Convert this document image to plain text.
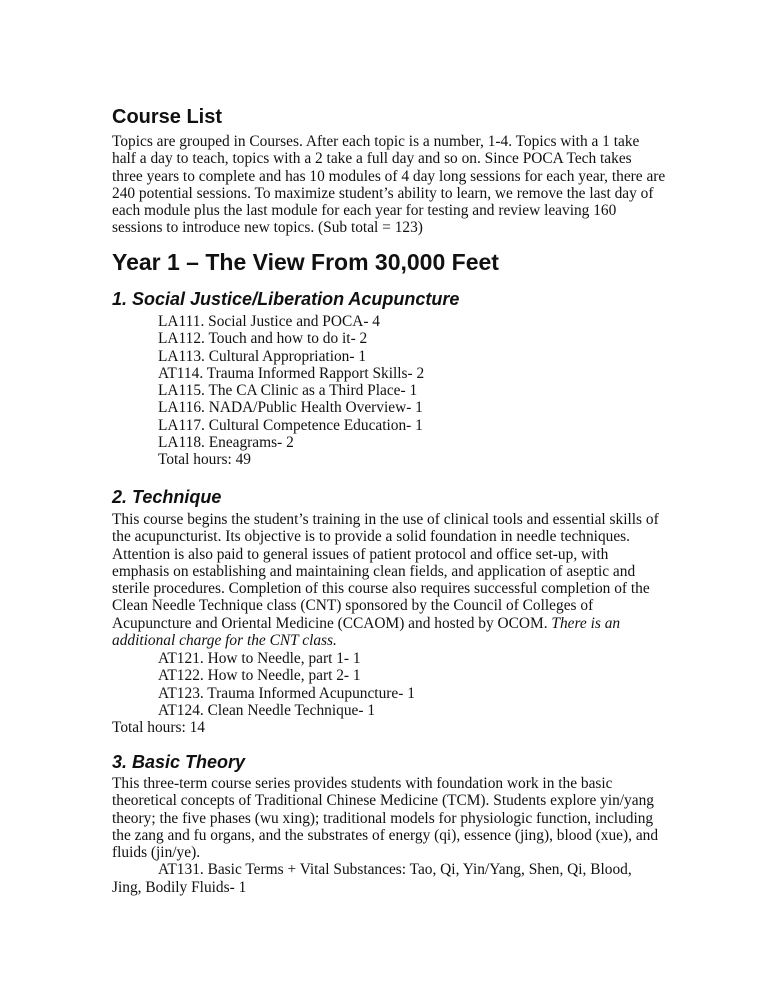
Course List
Topics are grouped in Courses. After each topic is a number, 1-4. Topics with a 1 take
half a day to teach, topics with a 2 take a full day and so on. Since POCA Tech takes
three years to complete and has 10 modules of 4 day long sessions for each year, there are
240 potential sessions. To maximize student’s ability to learn, we remove the last day of
each module plus the last module for each year for testing and review leaving 160
sessions to introduce new topics. (Sub total = 123)
Year 1 – The View From 30,000 Feet
1. Social Justice/Liberation Acupuncture
LA111. Social Justice and POCA- 4
LA112. Touch and how to do it- 2
LA113. Cultural Appropriation- 1
AT114. Trauma Informed Rapport Skills- 2
LA115. The CA Clinic as a Third Place- 1
LA116. NADA/Public Health Overview- 1
LA117. Cultural Competence Education- 1
LA118. Eneagrams- 2
Total hours: 49
2. Technique
This course begins the student’s training in the use of clinical tools and essential skills of
the acupuncturist. Its objective is to provide a solid foundation in needle techniques.
Attention is also paid to general issues of patient protocol and office set-up, with
emphasis on establishing and maintaining clean fields, and application of aseptic and
sterile procedures. Completion of this course also requires successful completion of the
Clean Needle Technique class (CNT) sponsored by the Council of Colleges of
Acupuncture and Oriental Medicine (CCAOM) and hosted by OCOM. There is an
additional charge for the CNT class.
AT121. How to Needle, part 1- 1
AT122. How to Needle, part 2- 1
AT123. Trauma Informed Acupuncture- 1
AT124. Clean Needle Technique- 1
Total hours: 14
3. Basic Theory
This three-term course series provides students with foundation work in the basic
theoretical concepts of Traditional Chinese Medicine (TCM). Students explore yin/yang
theory; the five phases (wu xing); traditional models for physiologic function, including
the zang and fu organs, and the substrates of energy (qi), essence (jing), blood (xue), and
fluids (jin/ye).
AT131. Basic Terms + Vital Substances: Tao, Qi, Yin/Yang, Shen, Qi, Blood,
Jing, Bodily Fluids- 1
